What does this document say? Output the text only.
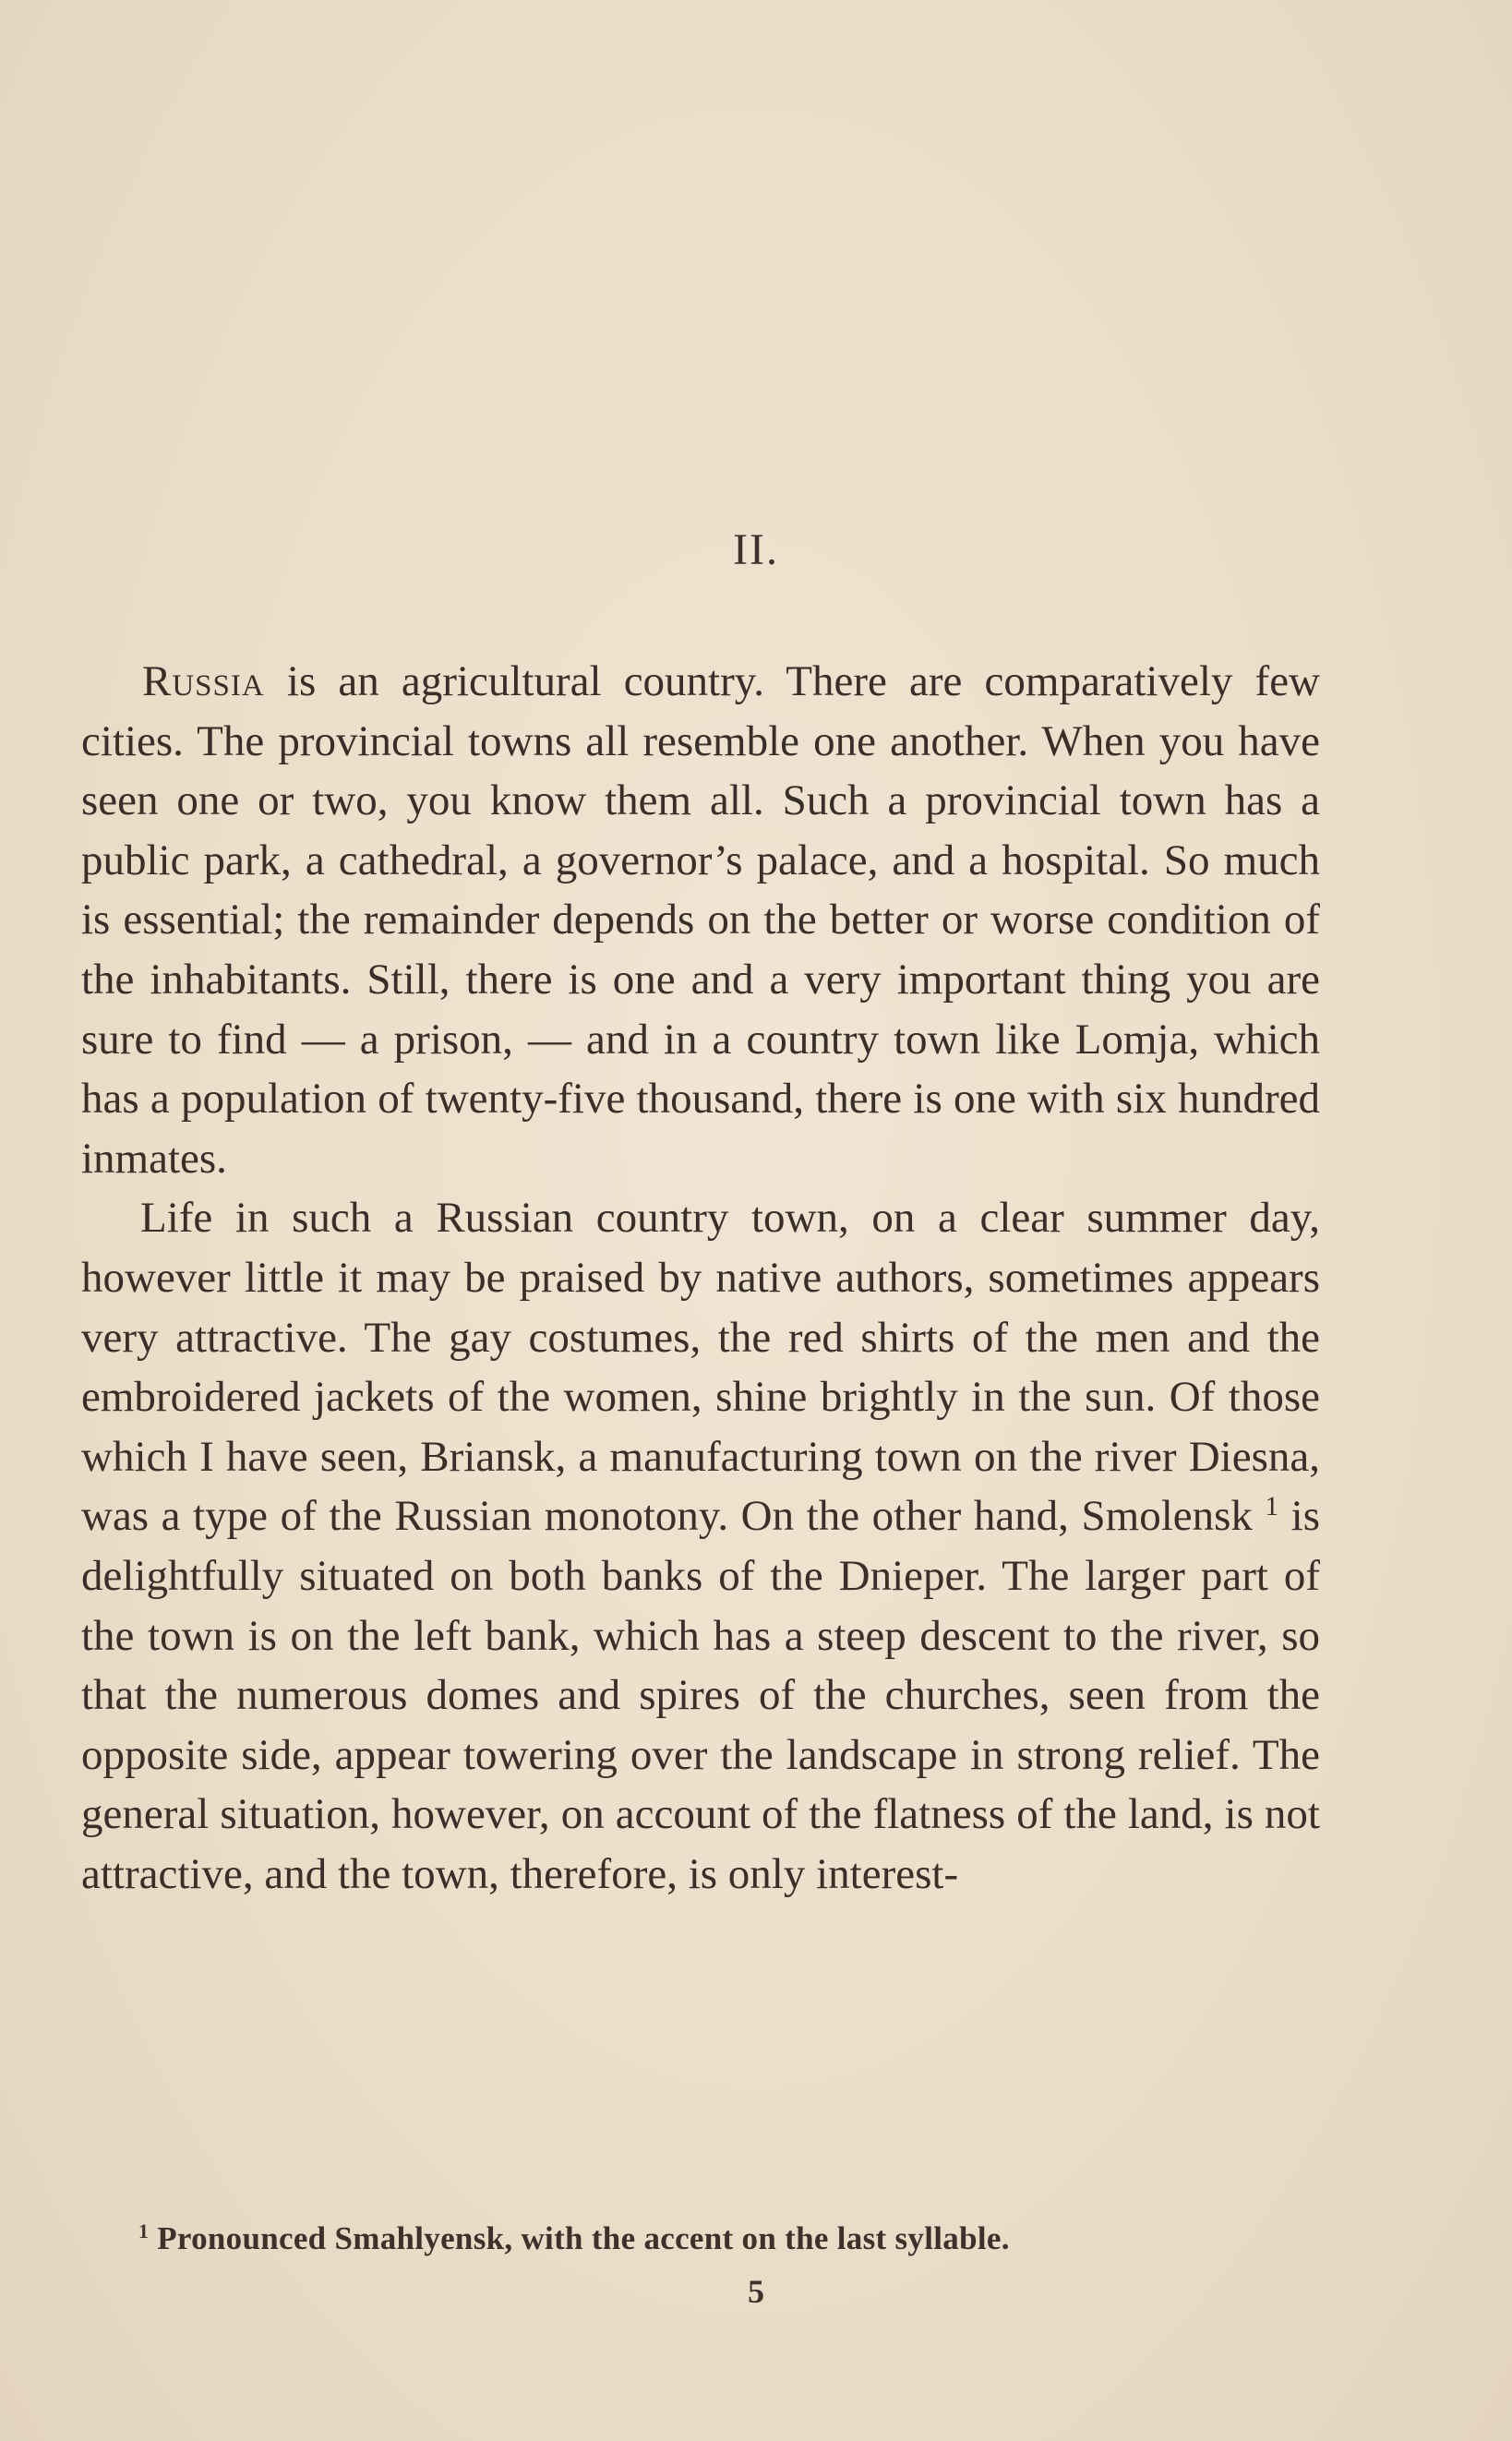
II.

Russia is an agricultural country. There are comparatively few cities. The provincial towns all resemble one another. When you have seen one or two, you know them all. Such a provincial town has a public park, a cathedral, a governor’s palace, and a hospital. So much is essential; the remainder depends on the better or worse condition of the inhabitants. Still, there is one and a very important thing you are sure to find — a prison, — and in a country town like Lomja, which has a population of twenty-five thousand, there is one with six hundred inmates.

Life in such a Russian country town, on a clear summer day, however little it may be praised by native authors, sometimes appears very attractive. The gay costumes, the red shirts of the men and the embroidered jackets of the women, shine brightly in the sun. Of those which I have seen, Briansk, a manufacturing town on the river Diesna, was a type of the Russian monotony. On the other hand, Smolensk $^1$ is delightfully situated on both banks of the Dnieper. The larger part of the town is on the left bank, which has a steep descent to the river, so that the numerous domes and spires of the churches, seen from the opposite side, appear towering over the landscape in strong relief. The general situation, however, on account of the flatness of the land, is not attractive, and the town, therefore, is only interest-

$^1$ Pronounced Smahlyensk, with the accent on the last syllable.
5
